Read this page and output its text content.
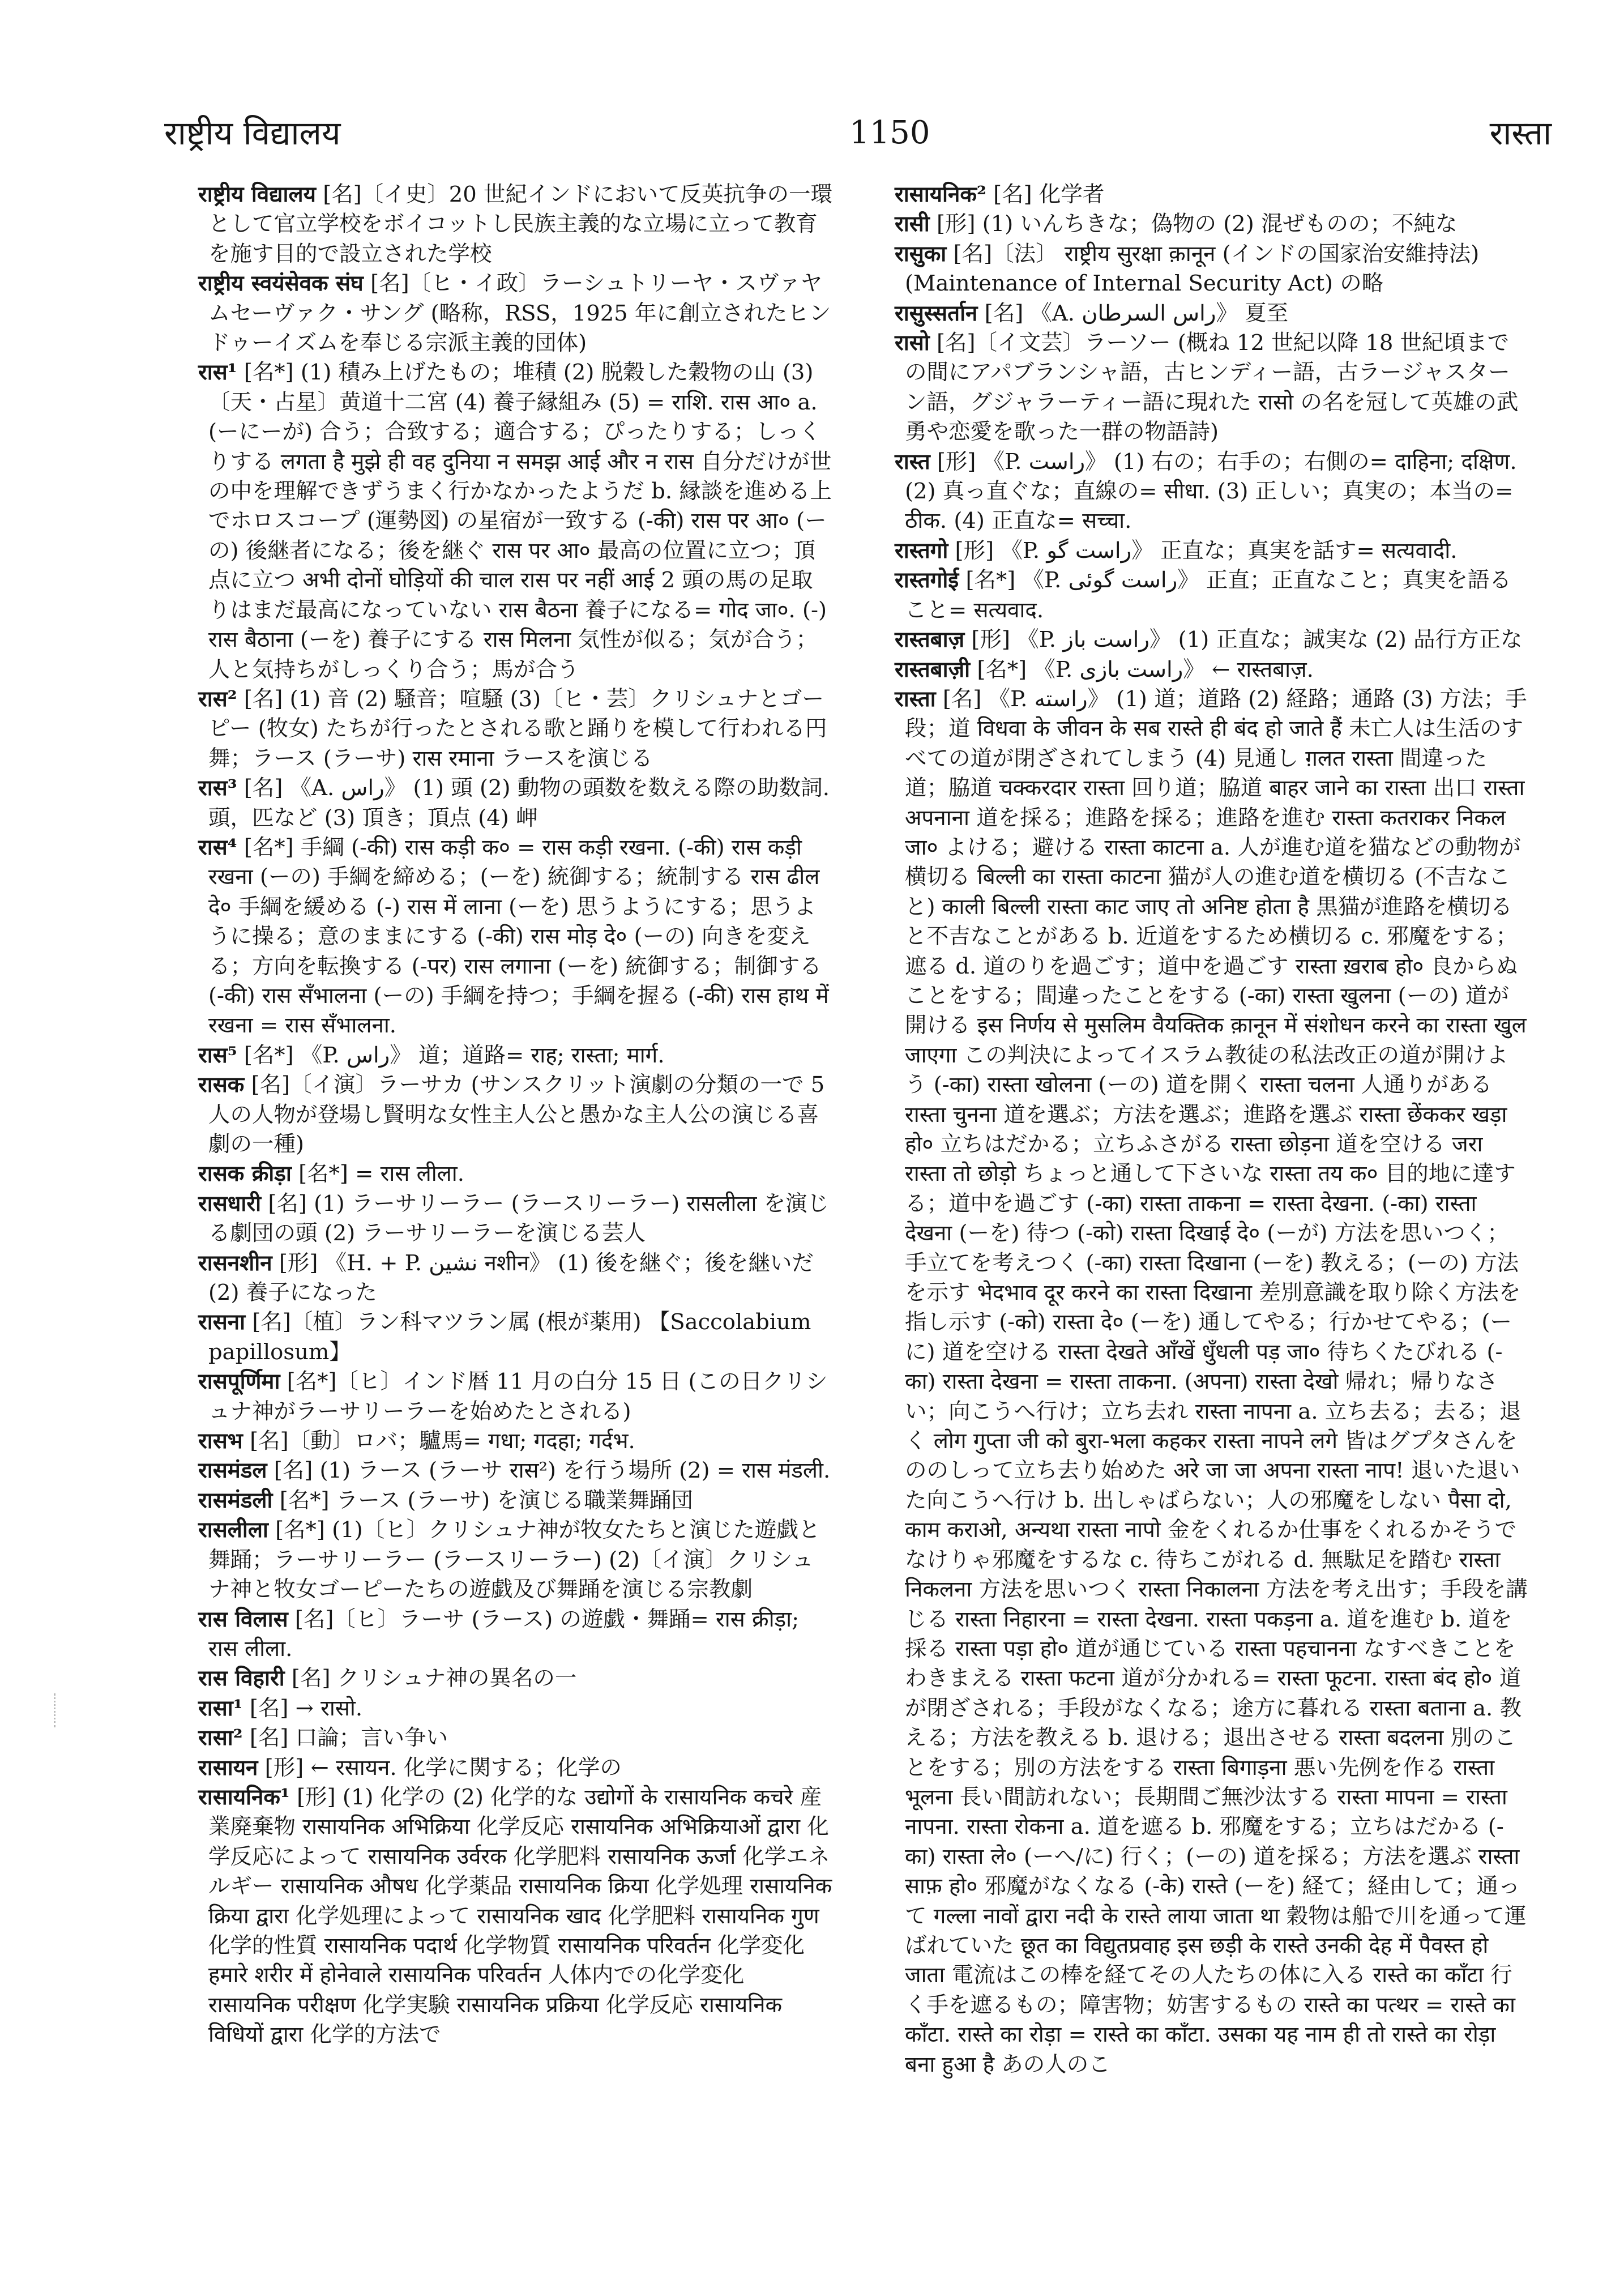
राष्ट्रीय विद्यालय	1150	रास्ता

राष्ट्रीय विद्यालय [名]〔イ史〕20 世紀インドにおいて反英抗争の一環として官立学校をボイコットし民族主義的な立場に立って教育を施す目的で設立された学校

राष्ट्रीय स्वयंसेवक संघ [名]〔ヒ・イ政〕ラーシュトリーヤ・スヴァヤムセーヴァク・サング (略称，RSS，1925 年に創立されたヒンドゥーイズムを奉じる宗派主義的団体)

रास¹ [名*] (1) 積み上げたもの；堆積 (2) 脱穀した穀物の山 (3)〔天・占星〕黄道十二宮 (4) 養子縁組み (5) = राशि. रास आ० a. (ーにーが) 合う；合致する；適合する；ぴったりする；しっくりする लगता है मुझे ही वह दुनिया न समझ आई और न रास 自分だけが世の中を理解できずうまく行かなかったようだ b. 縁談を進める上でホロスコープ (運勢図) の星宿が一致する (-की) रास पर आ० (ーの) 後継者になる；後を継ぐ रास पर आ० 最高の位置に立つ；頂点に立つ अभी दोनों घोड़ियों की चाल रास पर नहीं आई 2 頭の馬の足取りはまだ最高になっていない रास बैठना 養子になる= गोद जा०. (-) रास बैठाना (ーを) 養子にする रास मिलना 気性が似る；気が合う；人と気持ちがしっくり合う；馬が合う

रास² [名] (1) 音 (2) 騒音；喧騒 (3)〔ヒ・芸〕クリシュナとゴーピー (牧女) たちが行ったとされる歌と踊りを模して行われる円舞；ラース (ラーサ) रास रमाना ラースを演じる

रास³ [名] 《A. راس》 (1) 頭 (2) 動物の頭数を数える際の助数詞. 頭，匹など (3) 頂き；頂点 (4) 岬

रास⁴ [名*] 手綱 (-की) रास कड़ी क० = रास कड़ी रखना. (-की) रास कड़ी रखना (ーの) 手綱を締める；(ーを) 統御する；統制する रास ढील दे० 手綱を緩める (-) रास में लाना (ーを) 思うようにする；思うように操る；意のままにする (-की) रास मोड़ दे० (ーの) 向きを変える；方向を転換する (-पर) रास लगाना (ーを) 統御する；制御する (-की) रास सँभालना (ーの) 手綱を持つ；手綱を握る (-की) रास हाथ में रखना = रास सँभालना.

रास⁵ [名*] 《P. راس》 道；道路= राह; रास्ता; मार्ग.

रासक [名]〔イ演〕ラーサカ (サンスクリット演劇の分類の一で 5 人の人物が登場し賢明な女性主人公と愚かな主人公の演じる喜劇の一種)

रासक क्रीड़ा [名*] = रास लीला.

रासधारी [名] (1) ラーサリーラー (ラースリーラー) रासलीला を演じる劇団の頭 (2) ラーサリーラーを演じる芸人

रासनशीन [形] 《H. + P. نشين नशीन》 (1) 後を継ぐ；後を継いだ (2) 養子になった

रासना [名]〔植〕ラン科マツラン属 (根が薬用) 【Saccolabium papillosum】

रासपूर्णिमा [名*]〔ヒ〕インド暦 11 月の白分 15 日 (この日クリシュナ神がラーサリーラーを始めたとされる)

रासभ [名]〔動〕ロバ；驢馬= गधा; गदहा; गर्दभ.

रासमंडल [名] (1) ラース (ラーサ रास²) を行う場所 (2) = रास मंडली.

रासमंडली [名*] ラース (ラーサ) を演じる職業舞踊団

रासलीला [名*] (1)〔ヒ〕クリシュナ神が牧女たちと演じた遊戯と舞踊；ラーサリーラー (ラースリーラー) (2)〔イ演〕クリシュナ神と牧女ゴーピーたちの遊戯及び舞踊を演じる宗教劇

रास विलास [名]〔ヒ〕ラーサ (ラース) の遊戯・舞踊= रास क्रीड़ा; रास लीला.

रास विहारी [名] クリシュナ神の異名の一

रासा¹ [名] → रासो.

रासा² [名] 口論；言い争い

रासायन [形] ← रसायन. 化学に関する；化学の

रासायनिक¹ [形] (1) 化学の (2) 化学的な उद्योगों के रासायनिक कचरे 産業廃棄物 रासायनिक अभिक्रिया 化学反応 रासायनिक अभिक्रियाओं द्वारा 化学反応によって रासायनिक उर्वरक 化学肥料 रासायनिक ऊर्जा 化学エネルギー रासायनिक औषध 化学薬品 रासायनिक क्रिया 化学処理 रासायनिक क्रिया द्वारा 化学処理によって रासायनिक खाद 化学肥料 रासायनिक गुण 化学的性質 रासायनिक पदार्थ 化学物質 रासायनिक परिवर्तन 化学変化 हमारे शरीर में होनेवाले रासायनिक परिवर्तन 人体内での化学変化 रासायनिक परीक्षण 化学実験 रासायनिक प्रक्रिया 化学反応 रासायनिक विधियों द्वारा 化学的方法で

रासायनिक² [名] 化学者

रासी [形] (1) いんちきな；偽物の (2) 混ぜものの；不純な

रासुका [名]〔法〕 राष्ट्रीय सुरक्षा क़ानून (インドの国家治安維持法) (Maintenance of Internal Security Act) の略

रासुस्सर्तान [名] 《A. راس السرطان》 夏至

रासो [名]〔イ文芸〕ラーソー (概ね 12 世紀以降 18 世紀頃までの間にアパブランシャ語，古ヒンディー語，古ラージャスターン語，グジャラーティー語に現れた रासो の名を冠して英雄の武勇や恋愛を歌った一群の物語詩)

रास्त [形] 《P. راست》 (1) 右の；右手の；右側の= दाहिना; दक्षिण. (2) 真っ直ぐな；直線の= सीधा. (3) 正しい；真実の；本当の= ठीक. (4) 正直な= सच्चा.

रास्तगो [形] 《P. راست گو》 正直な；真実を話す= सत्यवादी.

रास्तगोई [名*] 《P. راست گوئی》 正直；正直なこと；真実を語ること= सत्यवाद.

रास्तबाज़ [形] 《P. راست باز》 (1) 正直な；誠実な (2) 品行方正な

रास्तबाज़ी [名*] 《P. راست بازی》 ← रास्तबाज़.

रास्ता [名] 《P. راسته》 (1) 道；道路 (2) 経路；通路 (3) 方法；手段；道 विधवा के जीवन के सब रास्ते ही बंद हो जाते हैं 未亡人は生活のすべての道が閉ざされてしまう (4) 見通し ग़लत रास्ता 間違った道；脇道 चक्करदार रास्ता 回り道；脇道 बाहर जाने का रास्ता 出口 रास्ता अपनाना 道を採る；進路を採る；進路を進む रास्ता कतराकर निकल जा० よける；避ける रास्ता काटना a. 人が進む道を猫などの動物が横切る बिल्ली का रास्ता काटना 猫が人の進む道を横切る (不吉なこと) काली बिल्ली रास्ता काट जाए तो अनिष्ट होता है 黒猫が進路を横切ると不吉なことがある b. 近道をするため横切る c. 邪魔をする；遮る d. 道のりを過ごす；道中を過ごす रास्ता ख़राब हो० 良からぬことをする；間違ったことをする (-का) रास्ता खुलना (ーの) 道が開ける इस निर्णय से मुसलिम वैयक्तिक क़ानून में संशोधन करने का रास्ता खुल जाएगा この判決によってイスラム教徒の私法改正の道が開けよう (-का) रास्ता खोलना (ーの) 道を開く रास्ता चलना 人通りがある रास्ता चुनना 道を選ぶ；方法を選ぶ；進路を選ぶ रास्ता छेंककर खड़ा हो० 立ちはだかる；立ちふさがる रास्ता छोड़ना 道を空ける जरा रास्ता तो छोड़ो ちょっと通して下さいな रास्ता तय क० 目的地に達する；道中を過ごす (-का) रास्ता ताकना = रास्ता देखना. (-का) रास्ता देखना (ーを) 待つ (-को) रास्ता दिखाई दे० (ーが) 方法を思いつく；手立てを考えつく (-का) रास्ता दिखाना (ーを) 教える；(ーの) 方法を示す भेदभाव दूर करने का रास्ता दिखाना 差別意識を取り除く方法を指し示す (-को) रास्ता दे० (ーを) 通してやる；行かせてやる；(ーに) 道を空ける रास्ता देखते आँखें धुँधली पड़ जा० 待ちくたびれる (-का) रास्ता देखना = रास्ता ताकना. (अपना) रास्ता देखो 帰れ；帰りなさい；向こうへ行け；立ち去れ रास्ता नापना a. 立ち去る；去る；退く लोग गुप्ता जी को बुरा-भला कहकर रास्ता नापने लगे 皆はグプタさんをののしって立ち去り始めた अरे जा जा अपना रास्ता नाप! 退いた退いた向こうへ行け b. 出しゃばらない；人の邪魔をしない पैसा दो, काम कराओ, अन्यथा रास्ता नापो 金をくれるか仕事をくれるかそうでなけりゃ邪魔をするな c. 待ちこがれる d. 無駄足を踏む रास्ता निकलना 方法を思いつく रास्ता निकालना 方法を考え出す；手段を講じる रास्ता निहारना = रास्ता देखना. रास्ता पकड़ना a. 道を進む b. 道を採る रास्ता पड़ा हो० 道が通じている रास्ता पहचानना なすべきことをわきまえる रास्ता फटना 道が分かれる= रास्ता फूटना. रास्ता बंद हो० 道が閉ざされる；手段がなくなる；途方に暮れる रास्ता बताना a. 教える；方法を教える b. 退ける；退出させる रास्ता बदलना 別のことをする；別の方法をする रास्ता बिगाड़ना 悪い先例を作る रास्ता भूलना 長い間訪れない；長期間ご無沙汰する रास्ता मापना = रास्ता नापना. रास्ता रोकना a. 道を遮る b. 邪魔をする；立ちはだかる (-का) रास्ता ले० (ーへ/に) 行く；(ーの) 道を採る；方法を選ぶ रास्ता साफ़ हो० 邪魔がなくなる (-के) रास्ते (ーを) 経て；経由して；通って गल्ला नावों द्वारा नदी के रास्ते लाया जाता था 穀物は船で川を通って運ばれていた छूत का विद्युतप्रवाह इस छड़ी के रास्ते उनकी देह में पैवस्त हो जाता 電流はこの棒を経てその人たちの体に入る रास्ते का काँटा 行く手を遮るもの；障害物；妨害するもの रास्ते का पत्थर = रास्ते का काँटा. रास्ते का रोड़ा = रास्ते का काँटा. उसका यह नाम ही तो रास्ते का रोड़ा बना हुआ है あの人のこ
